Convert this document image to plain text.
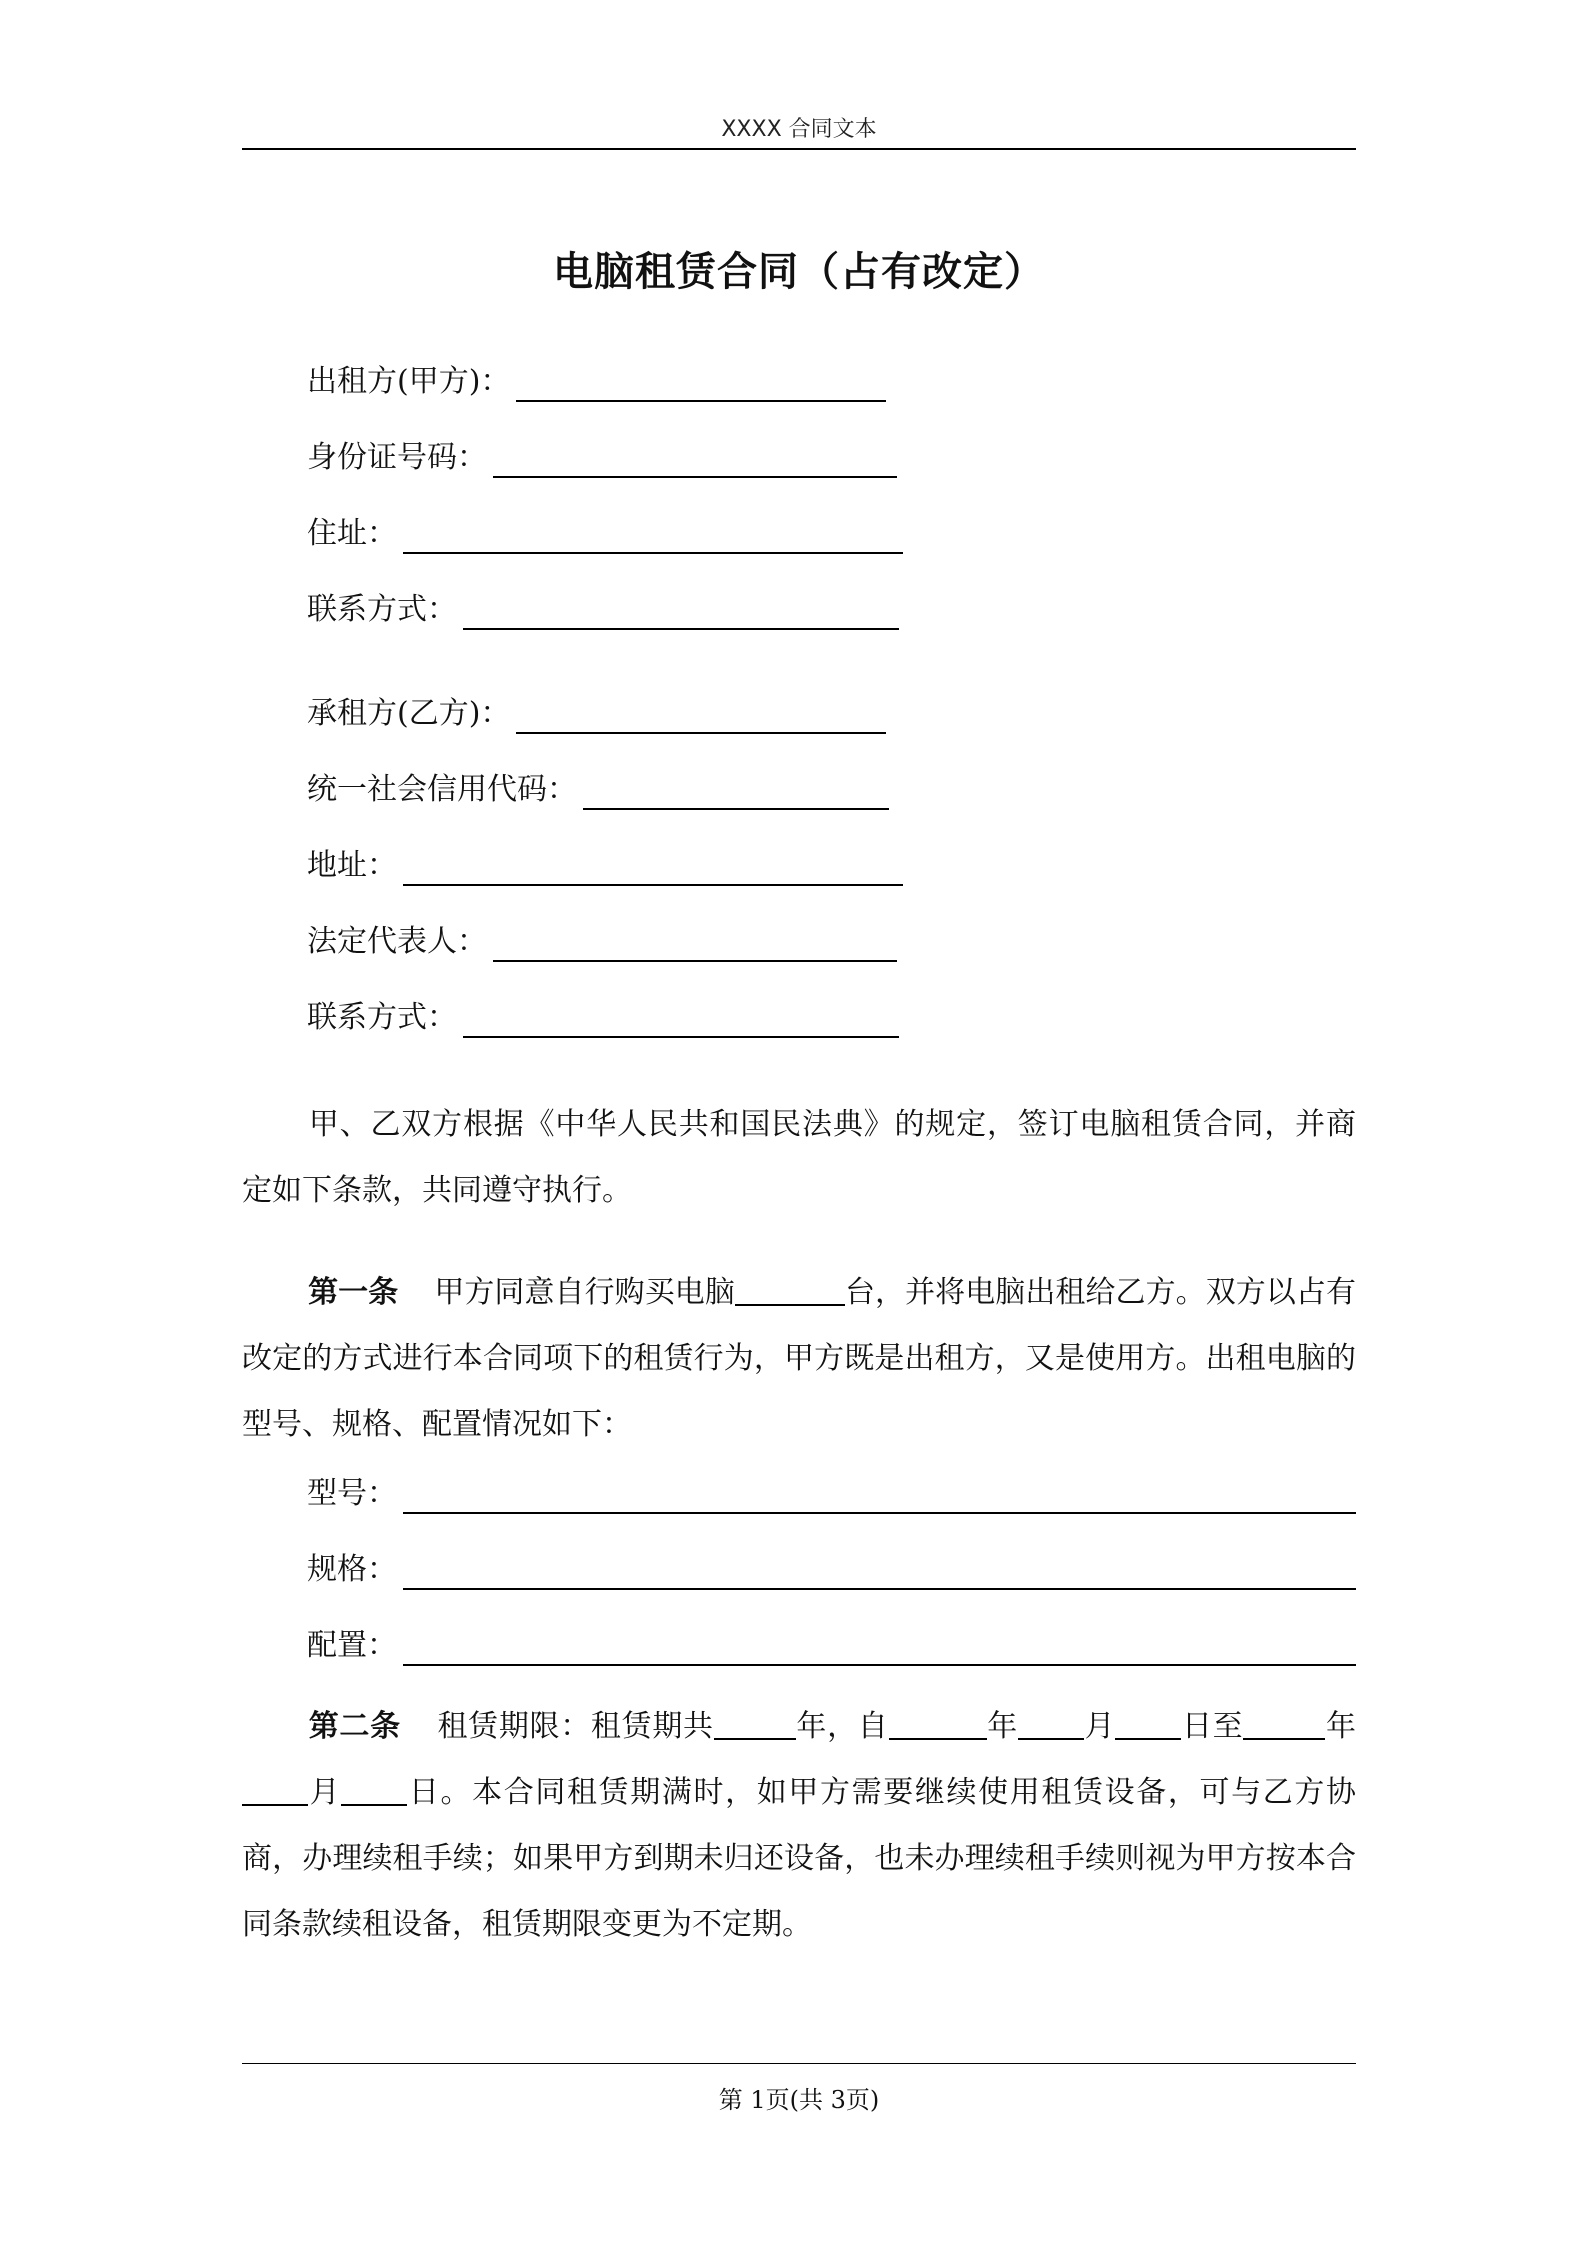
XXXX 合同文本
电脑租赁合同（占有改定）
出租方(甲方)：
身份证号码：
住址：
联系方式：
承租方(乙方)：
统一社会信用代码：
地址：
法定代表人：
联系方式：
甲、乙双方根据《中华人民共和国民法典》的规定，签订电脑租赁合同，并商定如下条款，共同遵守执行。
第一条 甲方同意自行购买电脑	台，并将电脑出租给乙方。双方以占有改定的方式进行本合同项下的租赁行为，甲方既是出租方，又是使用方。出租电脑的型号、规格、配置情况如下：
型号：
规格：
配置：
第二条 租赁期限：租赁期共	年，自	年 月 日至	年月 日。本合同租赁期满时，如甲方需要继续使用租赁设备，可与乙方协商，办理续租手续；如果甲方到期未归还设备，也未办理续租手续则视为甲方按本合同条款续租设备，租赁期限变更为不定期。
第 1页(共 3页)
